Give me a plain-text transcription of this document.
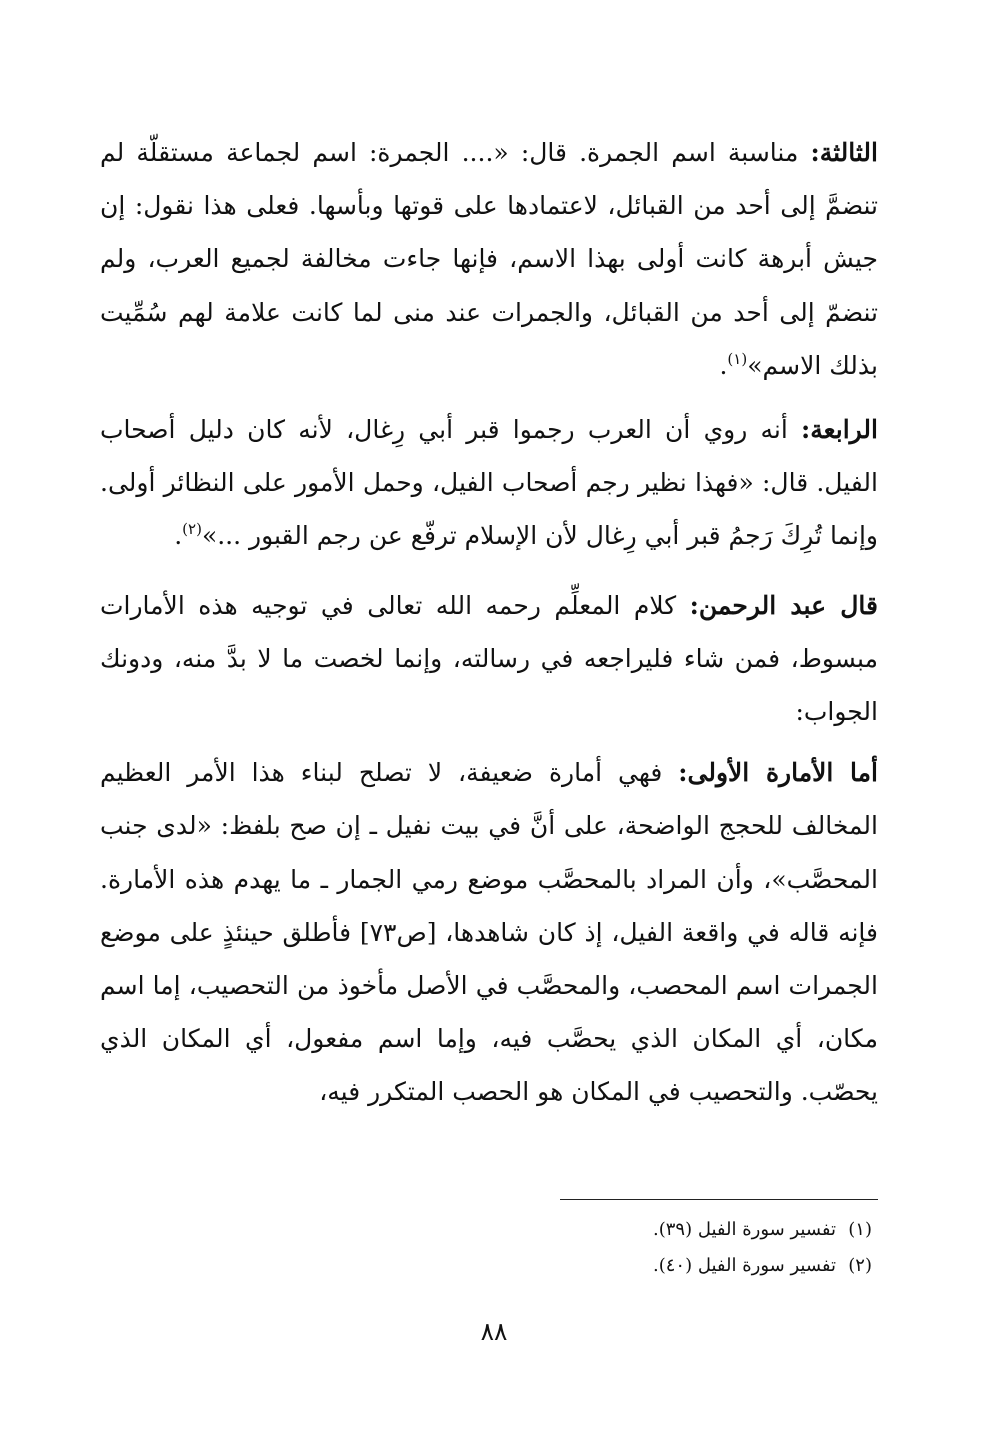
الثالثة: مناسبة اسم الجمرة. قال: «.... الجمرة: اسم لجماعة مستقلّة لم تنضمَّ إلى أحد من القبائل، لاعتمادها على قوتها وبأسها. فعلى هذا نقول: إن جيش أبرهة كانت أولى بهذا الاسم، فإنها جاءت مخالفة لجميع العرب، ولم تنضمّ إلى أحد من القبائل، والجمرات عند منى لما كانت علامة لهم سُمِّيت بذلك الاسم»$^{(١)}$.

الرابعة: أنه روي أن العرب رجموا قبر أبي رِغال، لأنه كان دليل أصحاب الفيل. قال: «فهذا نظير رجم أصحاب الفيل، وحمل الأمور على النظائر أولى. وإنما تُرِكَ رَجمُ قبر أبي رِغال لأن الإسلام ترفّع عن رجم القبور ...»$^{(٢)}$.

قال عبد الرحمن: كلام المعلِّم رحمه الله تعالى في توجيه هذه الأمارات مبسوط، فمن شاء فليراجعه في رسالته، وإنما لخصت ما لا بدَّ منه، ودونك الجواب:

أما الأمارة الأولى: فهي أمارة ضعيفة، لا تصلح لبناء هذا الأمر العظيم المخالف للحجج الواضحة، على أنَّ في بيت نفيل ـ إن صح بلفظ: «لدى جنب المحصَّب»، وأن المراد بالمحصَّب موضع رمي الجمار ـ ما يهدم هذه الأمارة. فإنه قاله في واقعة الفيل، إذ كان شاهدها، [ص٧٣] فأطلق حينئذٍ على موضع الجمرات اسم المحصب، والمحصَّب في الأصل مأخوذ من التحصيب، إما اسم مكان، أي المكان الذي يحصَّب فيه، وإما اسم مفعول، أي المكان الذي يحصّب. والتحصيب في المكان هو الحصب المتكرر فيه،

(١)تفسير سورة الفيل (٣٩).

(٢)تفسير سورة الفيل (٤٠).

٨٨
